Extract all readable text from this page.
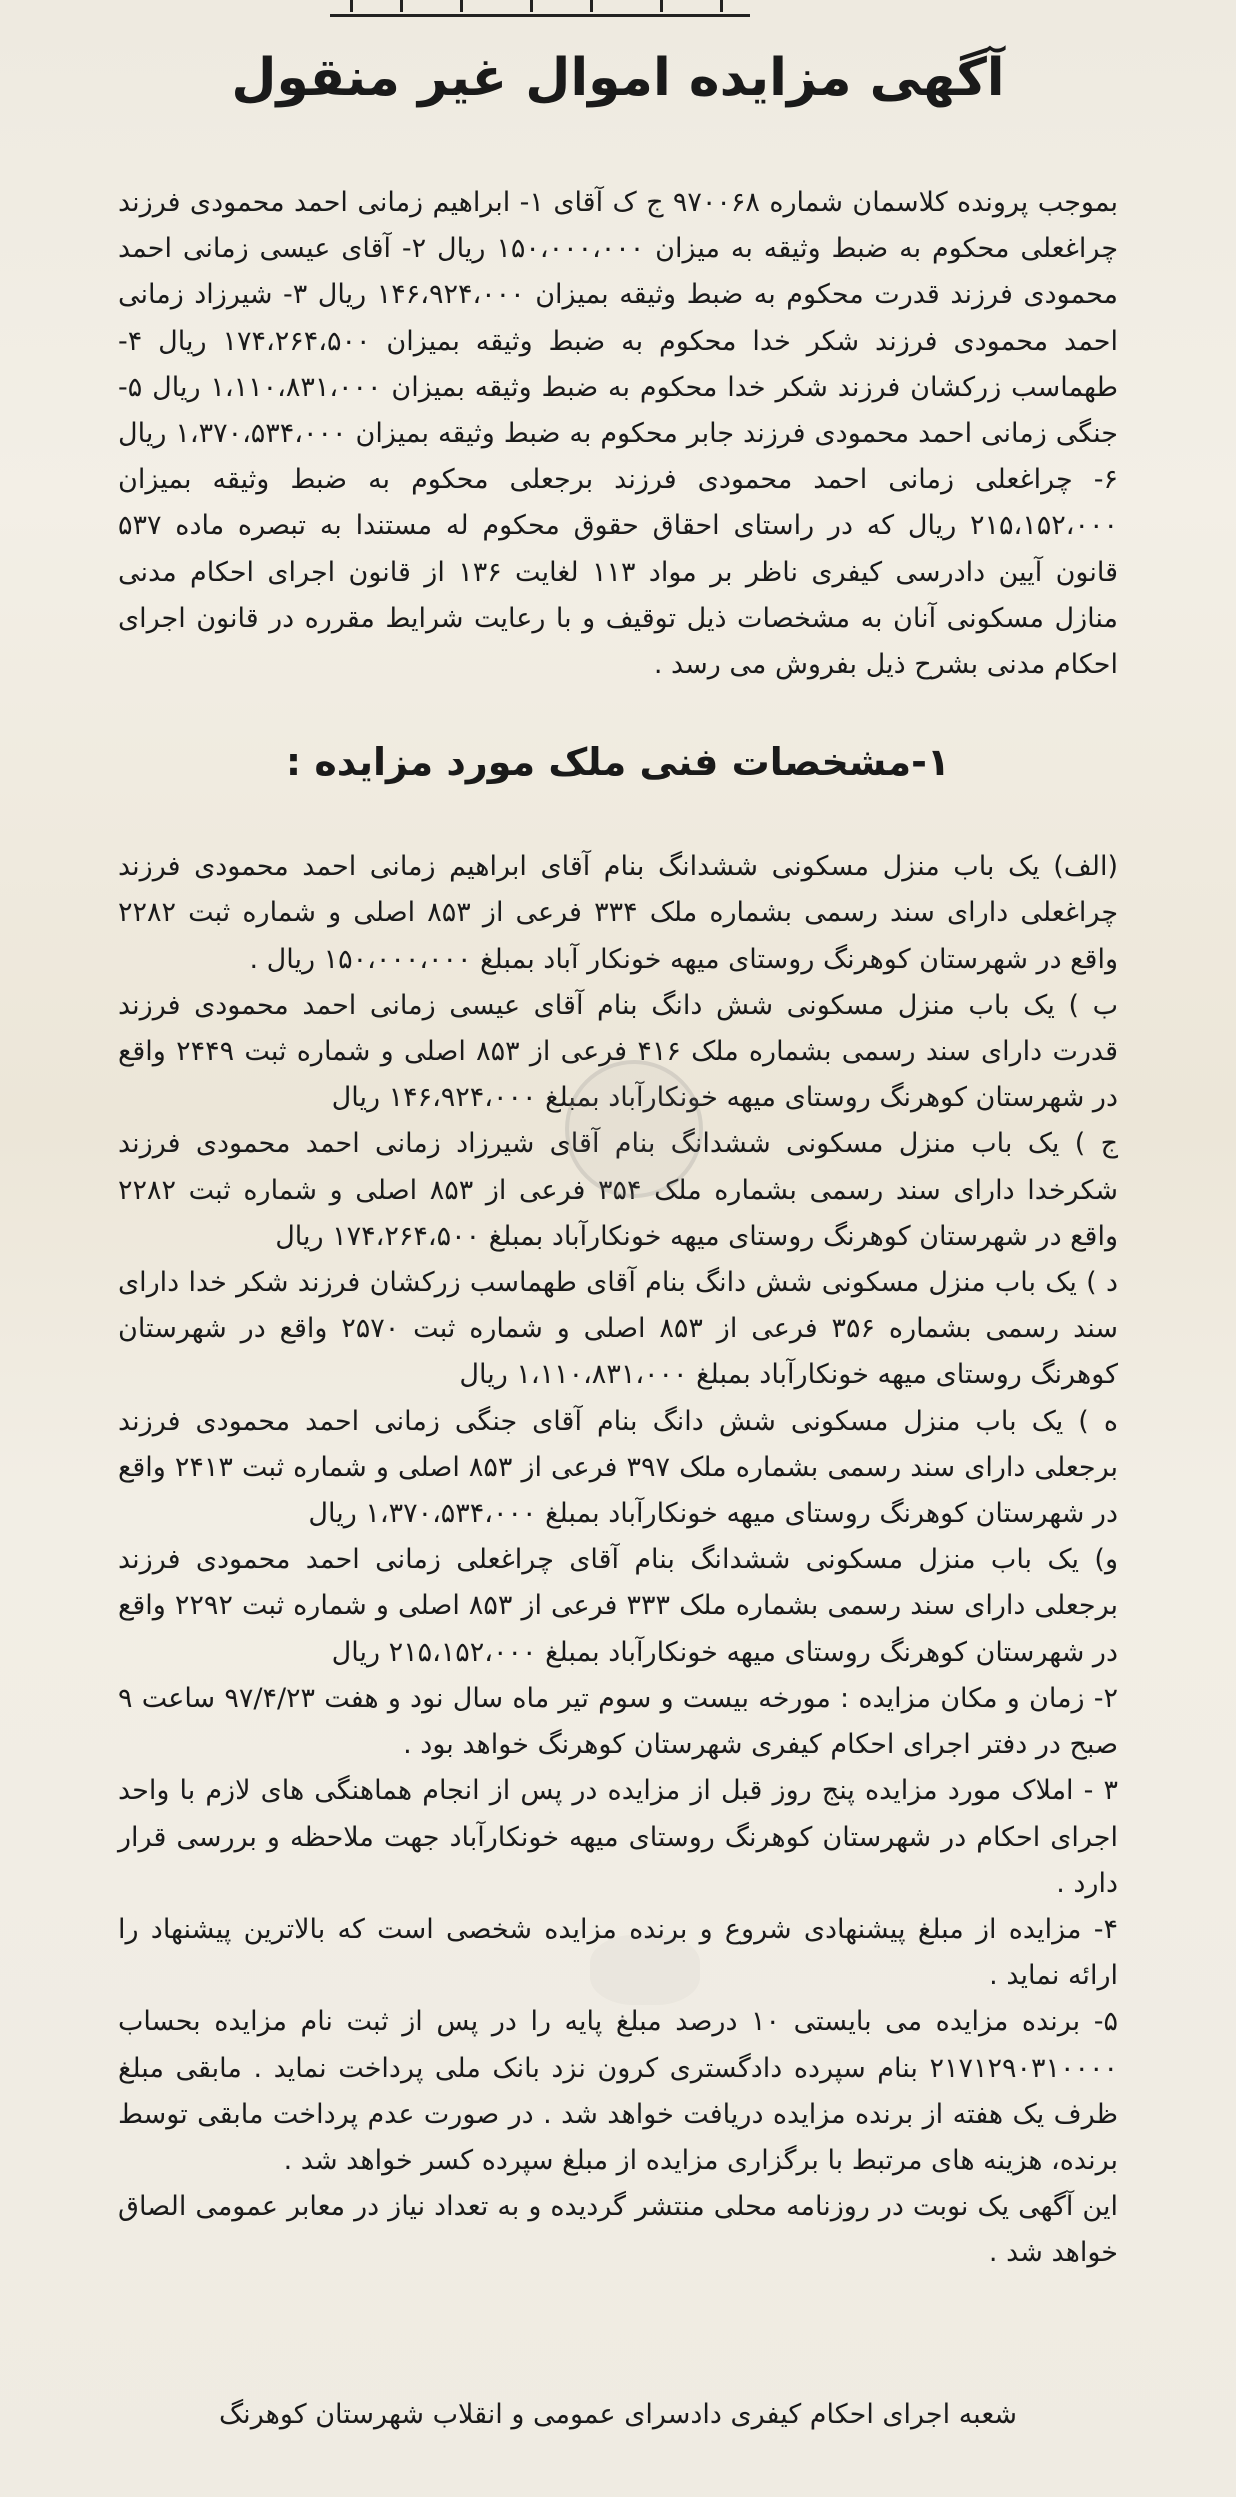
آگهی مزایده اموال غیر منقول

بموجب پرونده کلاسمان شماره ۹۷۰۰۶۸ ج ک آقای ۱- ابراهیم زمانی احمد محمودی فرزند چراغعلی محکوم به ضبط وثیقه به میزان ۱۵۰،۰۰۰،۰۰۰ ریال ۲- آقای عیسی زمانی احمد محمودی فرزند قدرت محکوم به ضبط وثیقه بمیزان ۱۴۶،۹۲۴،۰۰۰ ریال ۳- شیرزاد زمانی احمد محمودی فرزند شکر خدا محکوم به ضبط وثیقه بمیزان ۱۷۴،۲۶۴،۵۰۰ ریال ۴- طهماسب زرکشان فرزند شکر خدا محکوم به ضبط وثیقه بمیزان ۱،۱۱۰،۸۳۱،۰۰۰ ریال ۵- جنگی زمانی احمد محمودی فرزند جابر محکوم به ضبط وثیقه بمیزان ۱،۳۷۰،۵۳۴،۰۰۰ ریال ۶- چراغعلی زمانی احمد محمودی فرزند برجعلی محکوم به ضبط وثیقه بمیزان ۲۱۵،۱۵۲،۰۰۰ ریال که در راستای احقاق حقوق محکوم له مستندا به تبصره ماده ۵۳۷ قانون آیین دادرسی کیفری ناظر بر مواد ۱۱۳ لغایت ۱۳۶ از قانون اجرای احکام مدنی منازل مسکونی آنان به مشخصات ذیل توقیف و با رعایت شرایط مقرره در قانون اجرای احکام مدنی بشرح ذیل بفروش می رسد .

۱-مشخصات فنی ملک مورد مزایده :

(الف) یک باب منزل مسکونی ششدانگ بنام آقای ابراهیم زمانی احمد محمودی فرزند چراغعلی دارای سند رسمی بشماره ملک ۳۳۴ فرعی از ۸۵۳ اصلی و شماره ثبت ۲۲۸۲ واقع در شهرستان کوهرنگ روستای میهه خونکار آباد بمبلغ ۱۵۰،۰۰۰،۰۰۰ ریال .

ب ) یک باب منزل مسکونی شش دانگ بنام آقای عیسی زمانی احمد محمودی فرزند قدرت دارای سند رسمی بشماره ملک ۴۱۶ فرعی از ۸۵۳ اصلی و شماره ثبت ۲۴۴۹ واقع در شهرستان کوهرنگ روستای میهه خونکارآباد بمبلغ ۱۴۶،۹۲۴،۰۰۰ ریال

ج ) یک باب منزل مسکونی ششدانگ بنام آقای شیرزاد زمانی احمد محمودی فرزند شکرخدا دارای سند رسمی بشماره ملک ۳۵۴ فرعی از ۸۵۳ اصلی و شماره ثبت ۲۲۸۲ واقع در شهرستان کوهرنگ روستای میهه خونکارآباد بمبلغ ۱۷۴،۲۶۴،۵۰۰ ریال

د ) یک باب منزل مسکونی شش دانگ بنام آقای طهماسب زرکشان فرزند شکر خدا دارای سند رسمی بشماره ۳۵۶ فرعی از ۸۵۳ اصلی و شماره ثبت ۲۵۷۰ واقع در شهرستان کوهرنگ روستای میهه خونکارآباد بمبلغ ۱،۱۱۰،۸۳۱،۰۰۰ ریال

ه ) یک باب منزل مسکونی شش دانگ بنام آقای جنگی زمانی احمد محمودی فرزند برجعلی دارای سند رسمی بشماره ملک ۳۹۷ فرعی از ۸۵۳ اصلی و شماره ثبت ۲۴۱۳ واقع در شهرستان کوهرنگ روستای میهه خونکارآباد بمبلغ ۱،۳۷۰،۵۳۴،۰۰۰ ریال

و) یک باب منزل مسکونی ششدانگ بنام آقای چراغعلی زمانی احمد محمودی فرزند برجعلی دارای سند رسمی بشماره ملک ۳۳۳ فرعی از ۸۵۳ اصلی و شماره ثبت ۲۲۹۲ واقع در شهرستان کوهرنگ روستای میهه خونکارآباد بمبلغ ۲۱۵،۱۵۲،۰۰۰ ریال

۲- زمان و مکان مزایده : مورخه بیست و سوم تیر ماه سال نود و هفت ۹۷/۴/۲۳ ساعت ۹ صبح در دفتر اجرای احکام کیفری شهرستان کوهرنگ خواهد بود .

۳ - املاک مورد مزایده پنج روز قبل از مزایده در پس از انجام هماهنگی های لازم با واحد اجرای احکام در شهرستان کوهرنگ روستای میهه خونکارآباد جهت ملاحظه و بررسی قرار دارد .

۴- مزایده از مبلغ پیشنهادی شروع و برنده مزایده شخصی است که بالاترین پیشنهاد را ارائه نماید .

۵- برنده مزایده می بایستی ۱۰ درصد مبلغ پایه را در پس از ثبت نام مزایده بحساب ۲۱۷۱۲۹۰۳۱۰۰۰۰ بنام سپرده دادگستری کرون نزد بانک ملی پرداخت نماید . مابقی مبلغ ظرف یک هفته از برنده مزایده دریافت خواهد شد . در صورت عدم پرداخت مابقی توسط برنده، هزینه های مرتبط با برگزاری مزایده از مبلغ سپرده کسر خواهد شد .

این آگهی یک نوبت در روزنامه محلی منتشر گردیده و به تعداد نیاز در معابر عمومی الصاق خواهد شد .

شعبه اجرای احکام کیفری دادسرای عمومی و انقلاب شهرستان کوهرنگ
